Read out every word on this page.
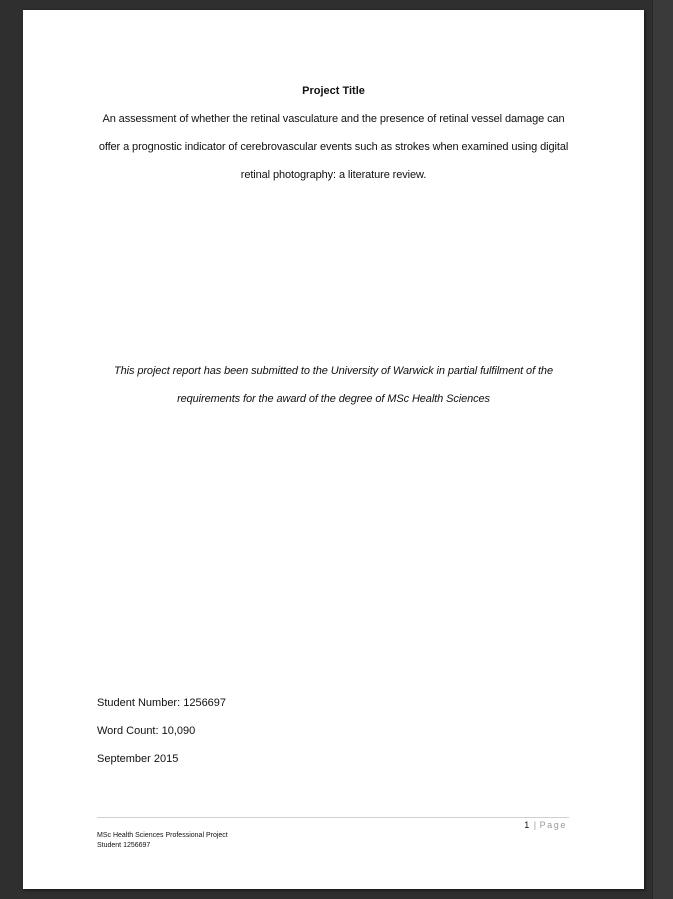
Project Title
An assessment of whether the retinal vasculature and the presence of retinal vessel damage can
offer a prognostic indicator of cerebrovascular events such as strokes when examined using digital
retinal photography: a literature review.
This project report has been submitted to the University of Warwick in partial fulfilment of the
requirements for the award of the degree of MSc Health Sciences
Student Number: 1256697
Word Count: 10,090
September 2015
1 | Page
MSc Health Sciences Professional Project
Student 1256697
